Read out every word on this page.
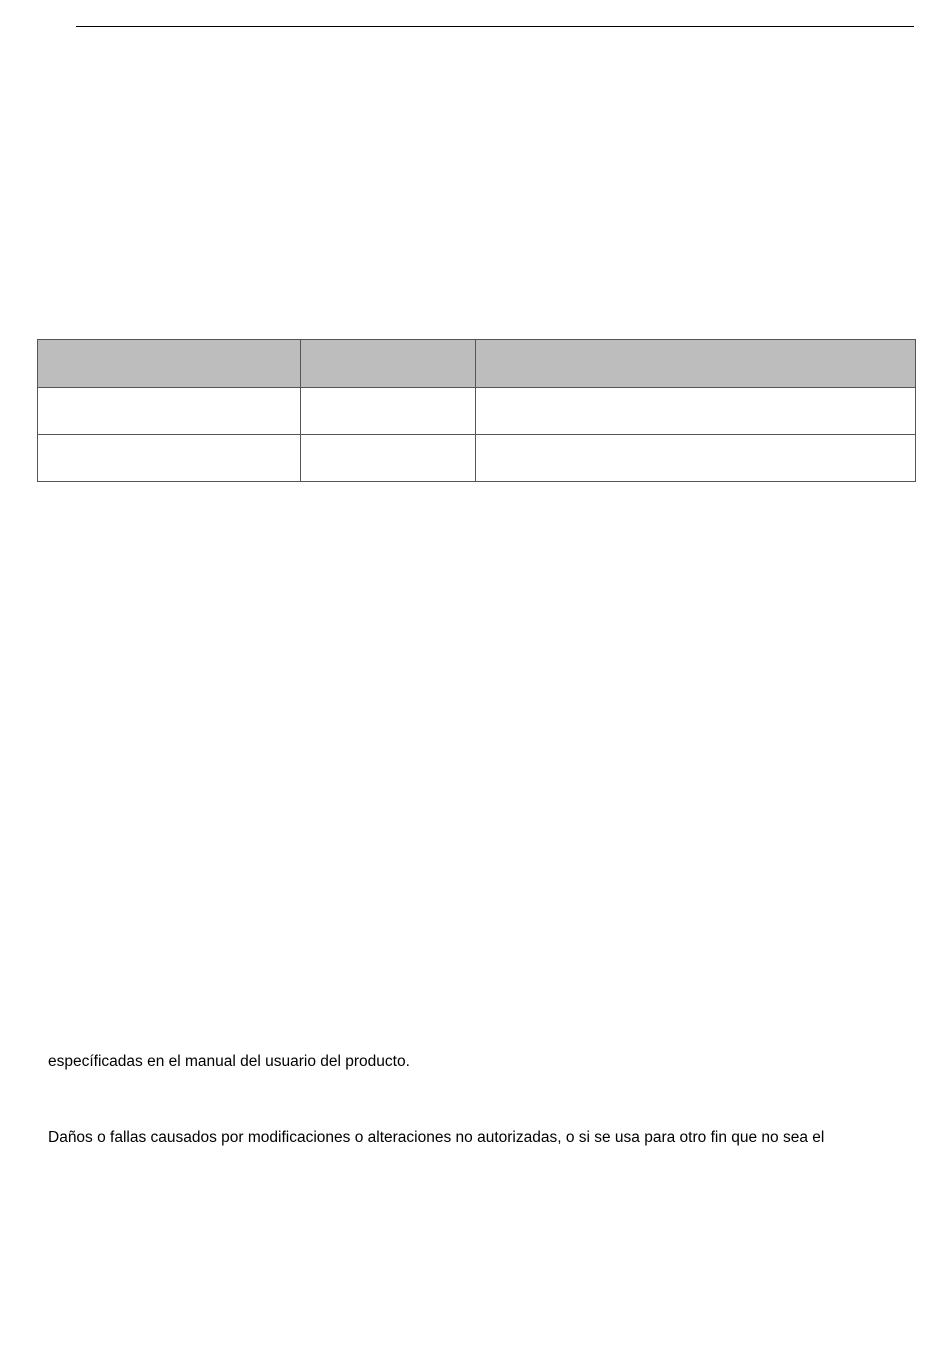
específicadas en el manual del usuario del producto.

Daños o fallas causados por modificaciones o alteraciones no autorizadas, o si se usa para otro fin que no sea el
